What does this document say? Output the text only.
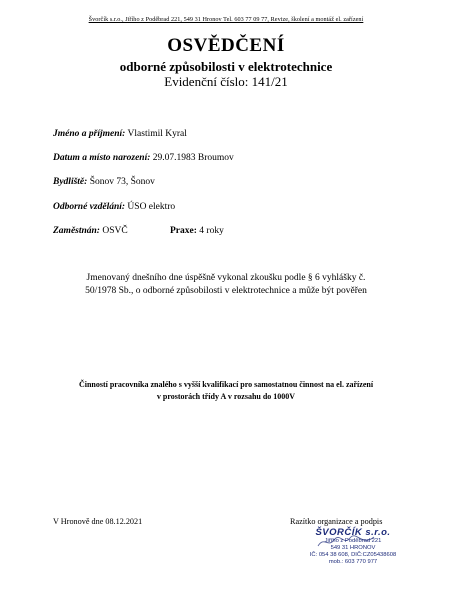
Švorčík s.r.o., Jiřího z Poděbrad 221, 549 31 Hronov Tel. 603 77 09 77, Revize, školení a montáž el. zařízení
OSVĚDČENÍ
odborné způsobilosti v elektrotechnice
Evidenční číslo: 141/21
Jméno a příjmení: Vlastimil Kyral
Datum a místo narození: 29.07.1983 Broumov
Bydliště: Šonov 73, Šonov
Odborné vzdělání: ÚSO elektro
Zaměstnán: OSVČ	Praxe: 4 roky
Jmenovaný dnešního dne úspěšně vykonal zkoušku podle § 6 vyhlášky č.
50/1978 Sb., o odborné způsobilosti v elektrotechnice a může být pověřen
Činností pracovníka znalého s vyšší kvalifikací pro samostatnou činnost na el. zařízení
v prostorách třídy A v rozsahu do 1000V
V Hronově dne 08.12.2021	Razítko organizace a podpis
ŠVORČÍK s.r.o.
Jiřího z Poděbrad 221
549 31 HRONOV
IČ: 054 38 608, DIČ:CZ05438608
mob.: 603 770 977
